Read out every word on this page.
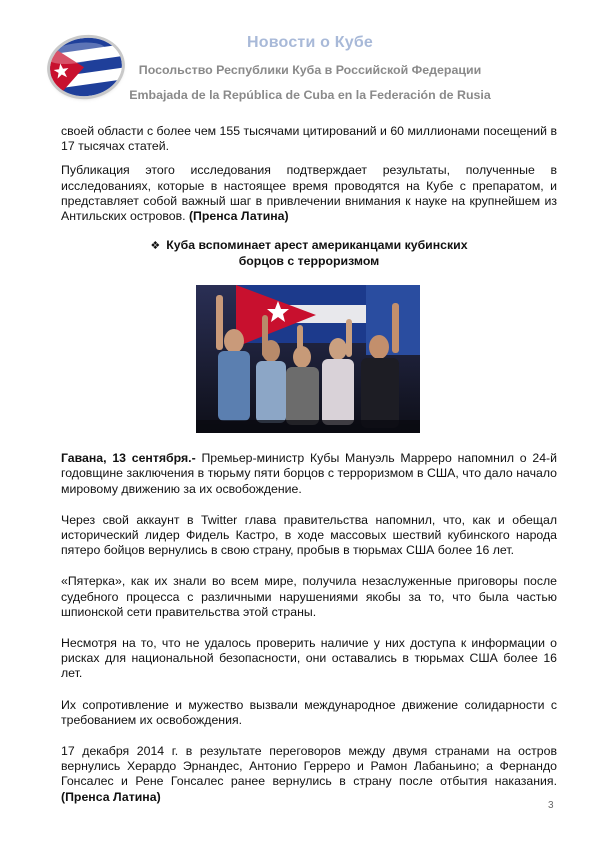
Новости о Кубе
Посольство Республики Куба в Российской Федерации
Embajada de la República de Cuba en la Federación de Rusia

своей области с более чем 155 тысячами цитирований и 60 миллионами посещений в 17 тысячах статей.

Публикация этого исследования подтверждает результаты, полученные в исследованиях, которые в настоящее время проводятся на Кубе с препаратом, и представляет собой важный шаг в привлечении внимания к науке на крупнейшем из Антильских островов. (Пренса Латина)

❖ Куба вспоминает арест американцами кубинских борцов с терроризмом

Гавана, 13 сентября.- Премьер-министр Кубы Мануэль Марреро напомнил о 24-й годовщине заключения в тюрьму пяти борцов с терроризмом в США, что дало начало мировому движению за их освобождение.

Через свой аккаунт в Twitter глава правительства напомнил, что, как и обещал исторический лидер Фидель Кастро, в ходе массовых шествий кубинского народа пятеро бойцов вернулись в свою страну, пробыв в тюрьмах США более 16 лет.

«Пятерка», как их знали во всем мире, получила незаслуженные приговоры после судебного процесса с различными нарушениями якобы за то, что была частью шпионской сети правительства этой страны.

Несмотря на то, что не удалось проверить наличие у них доступа к информации о рисках для национальной безопасности, они оставались в тюрьмах США более 16 лет.

Их сопротивление и мужество вызвали международное движение солидарности с требованием их освобождения.

17 декабря 2014 г. в результате переговоров между двумя странами на остров вернулись Херардо Эрнандес, Антонио Герреро и Рамон Лабаньино; а Фернандо Гонсалес и Рене Гонсалес ранее вернулись в страну после отбытия наказания. (Пренса Латина)

3
